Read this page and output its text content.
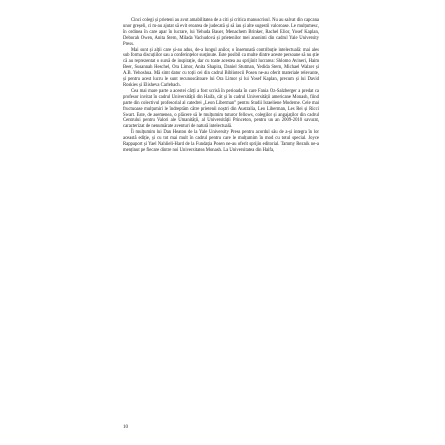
Cinci colegi și prieteni au avut amabilitatea de a citi și critica manuscrisul. Nu au salvat din capcana unor greșeli, ci m-au ajutat să evit eroarea de judecată și să iau și alte sugestii valoroase. Le mulțumesc, în ordinea în care apar în lucrare, lui Yehuda Bauer, Menachem Brinker, Rachel Elior, Yosef Kaplan, Deborah Owen, Anita Stern, Milada Vachudová și prietenilor mei anonimi din cadrul Yale University Press.

Mai sunt și alții care și-au adus, de-a lungul anilor, o însemnată contribuție intelectuală: mai ales sub forma discuțiilor sau a conferințelor susținute. Este posibil ca multe dintre aceste persoane să nu știe că au reprezentat o sursă de inspirație, dar cu toate acestea au sprijinit lucrarea: Shlomo Avineri, Haim Beer, Susannah Heschel, Ora Limor, Anita Shapira, Daniel Stutman, Yedida Stern, Michael Walzer și A.B. Yehoshua. Mă simt dator cu toții cei din cadrul Bibliotecii Posen ne-au oferit materiale relevante, și pentru acest lucru le sunt recunoscătoare lui Ora Limor și lui Yosef Kaplan, precum și lui David Roskies și Elisheva Carlebach.

Cea mai mare parte a acestei cărți a fost scrisă în perioada în care Fania Oz-Salzberger a predat ca profesor invitat în cadrul Universității din Haifa, cât și în cadrul Universității americane Monash, fiind parte din colectivul profesorial al catedrei „Leon Liberman” pentru Studii Israeliene Moderne. Cele mai fructuoase mulțumiri le îndreptăm către prietenii noștri din Australia, Leo Liberman, Les Rei și Ricci Swart. Este, de asemenea, o plăcere să le mulțumim tuturor fellows, colegilor și angajaților din cadrul Centrului pentru Valori ale Umanității, al Universității Princeton, pentru un an 2009-2010 savurat, caracterizat de nenumărate aventuri de natură intelectuală.

Îi mulțumim lui Dan Heaton de la Yale University Press pentru acordul său de a-și integra în lor această ediție, și cu tot mai mult în cadrul pentru care le mulțumim în mod cu totul special. Joyce Rappaport și Yael Nahlieli-Hard de la Fundația Posen ne-au oferit sprijin editorial. Tammy Reznik ne-a menținut pe fiecare dintre noi Universitatea Monash. La Universitatea din Haifa,

10
